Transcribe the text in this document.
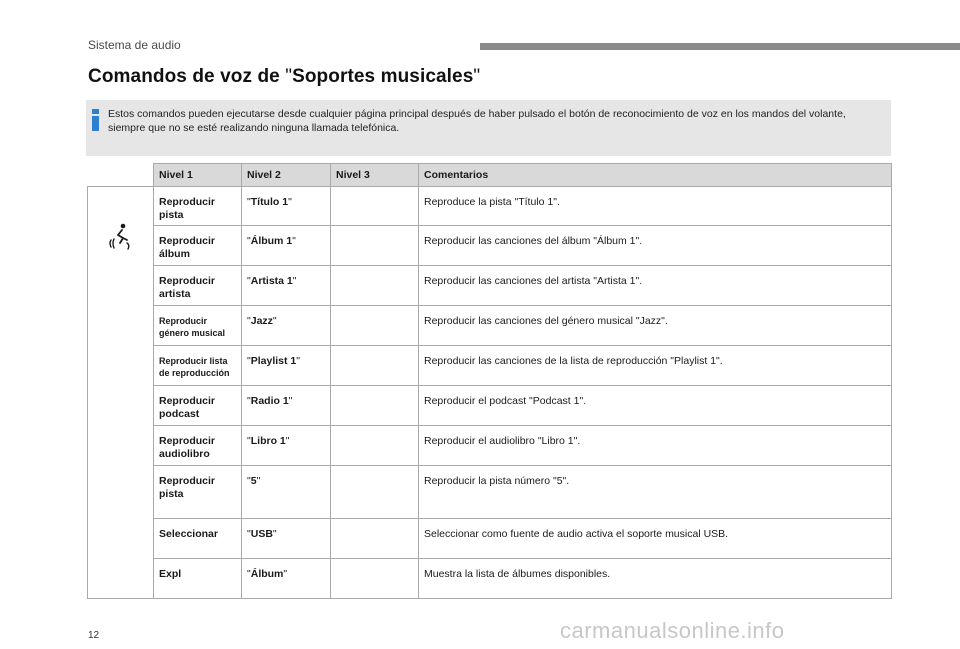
Sistema de audio
Comandos de voz de "Soportes musicales"
Estos comandos pueden ejecutarse desde cualquier página principal después de haber pulsado el botón de reconocimiento de voz en los mandos del volante, siempre que no se esté realizando ninguna llamada telefónica.
	Nivel 1	Nivel 2	Nivel 3	Comentarios

	Reproducir pista	"Título 1"		Reproduce la pista "Título 1".
	Reproducir álbum	"Álbum 1"		Reproducir las canciones del álbum "Álbum 1".
	Reproducir artista	"Artista 1"		Reproducir las canciones del artista "Artista 1".
	Reproducir género musical	"Jazz"		Reproducir las canciones del género musical "Jazz".
	Reproducir lista de reproducción	"Playlist 1"		Reproducir las canciones de la lista de reproducción "Playlist 1".
	Reproducir podcast	"Radio 1"		Reproducir el podcast "Podcast 1".
	Reproducir audiolibro	"Libro 1"		Reproducir el audiolibro "Libro 1".
	Reproducir pista	"5"		Reproducir la pista número "5".
	Seleccionar	"USB"		Seleccionar como fuente de audio activa el soporte musical USB.
	Expl	"Álbum"		Muestra la lista de álbumes disponibles.
12	carmanualsonline.info
